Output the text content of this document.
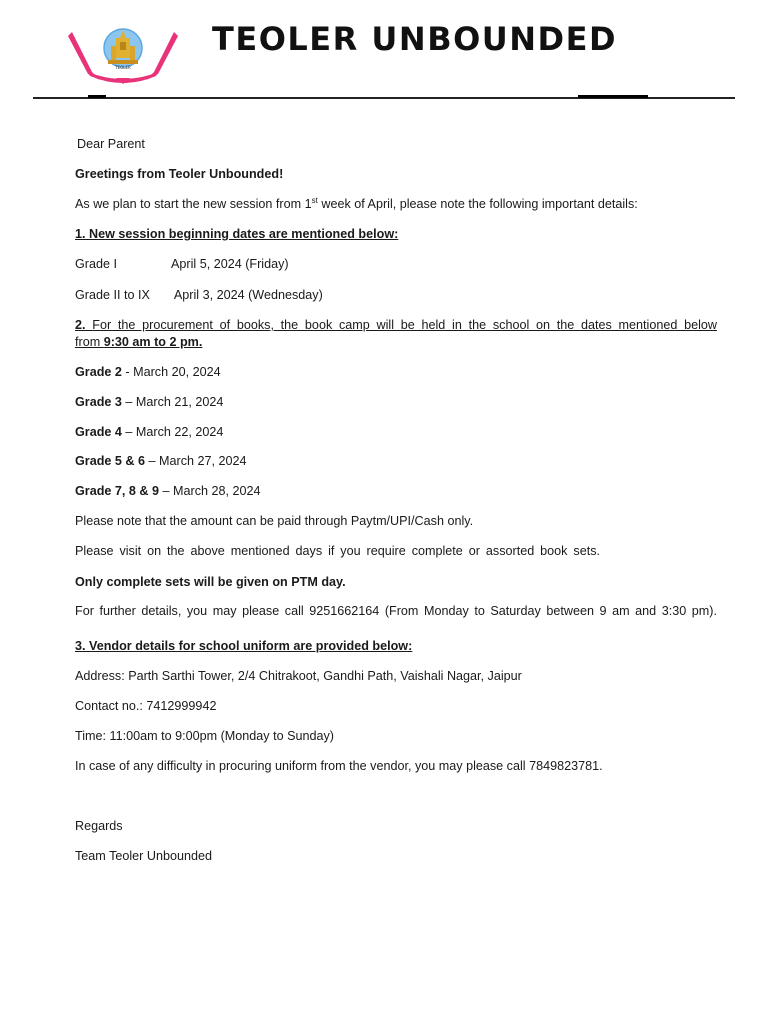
TEOLER
TEOLER UNBOUNDED
Dear Parent
Greetings from Teoler Unbounded!
As we plan to start the new session from 1st week of April, please note the following important details:
1. New session beginning dates are mentioned below:
Grade I	April 5, 2024 (Friday)
Grade II to IX April 3, 2024 (Wednesday)
2. For the procurement of books, the book camp will be held in the school on the dates mentioned below
from 9:30 am to 2 pm.
Grade 2 - March 20, 2024
Grade 3 – March 21, 2024
Grade 4 – March 22, 2024
Grade 5 & 6 – March 27, 2024
Grade 7, 8 & 9 – March 28, 2024
Please note that the amount can be paid through Paytm/UPI/Cash only.
Please visit on the above mentioned days if you require complete or assorted book sets.
Only complete sets will be given on PTM day.
For further details, you may please call 9251662164 (From Monday to Saturday between 9 am and 3:30 pm).
3. Vendor details for school uniform are provided below:
Address: Parth Sarthi Tower, 2/4 Chitrakoot, Gandhi Path, Vaishali Nagar, Jaipur
Contact no.: 7412999942
Time: 11:00am to 9:00pm (Monday to Sunday)
In case of any difficulty in procuring uniform from the vendor, you may please call 7849823781.
Regards
Team Teoler Unbounded
